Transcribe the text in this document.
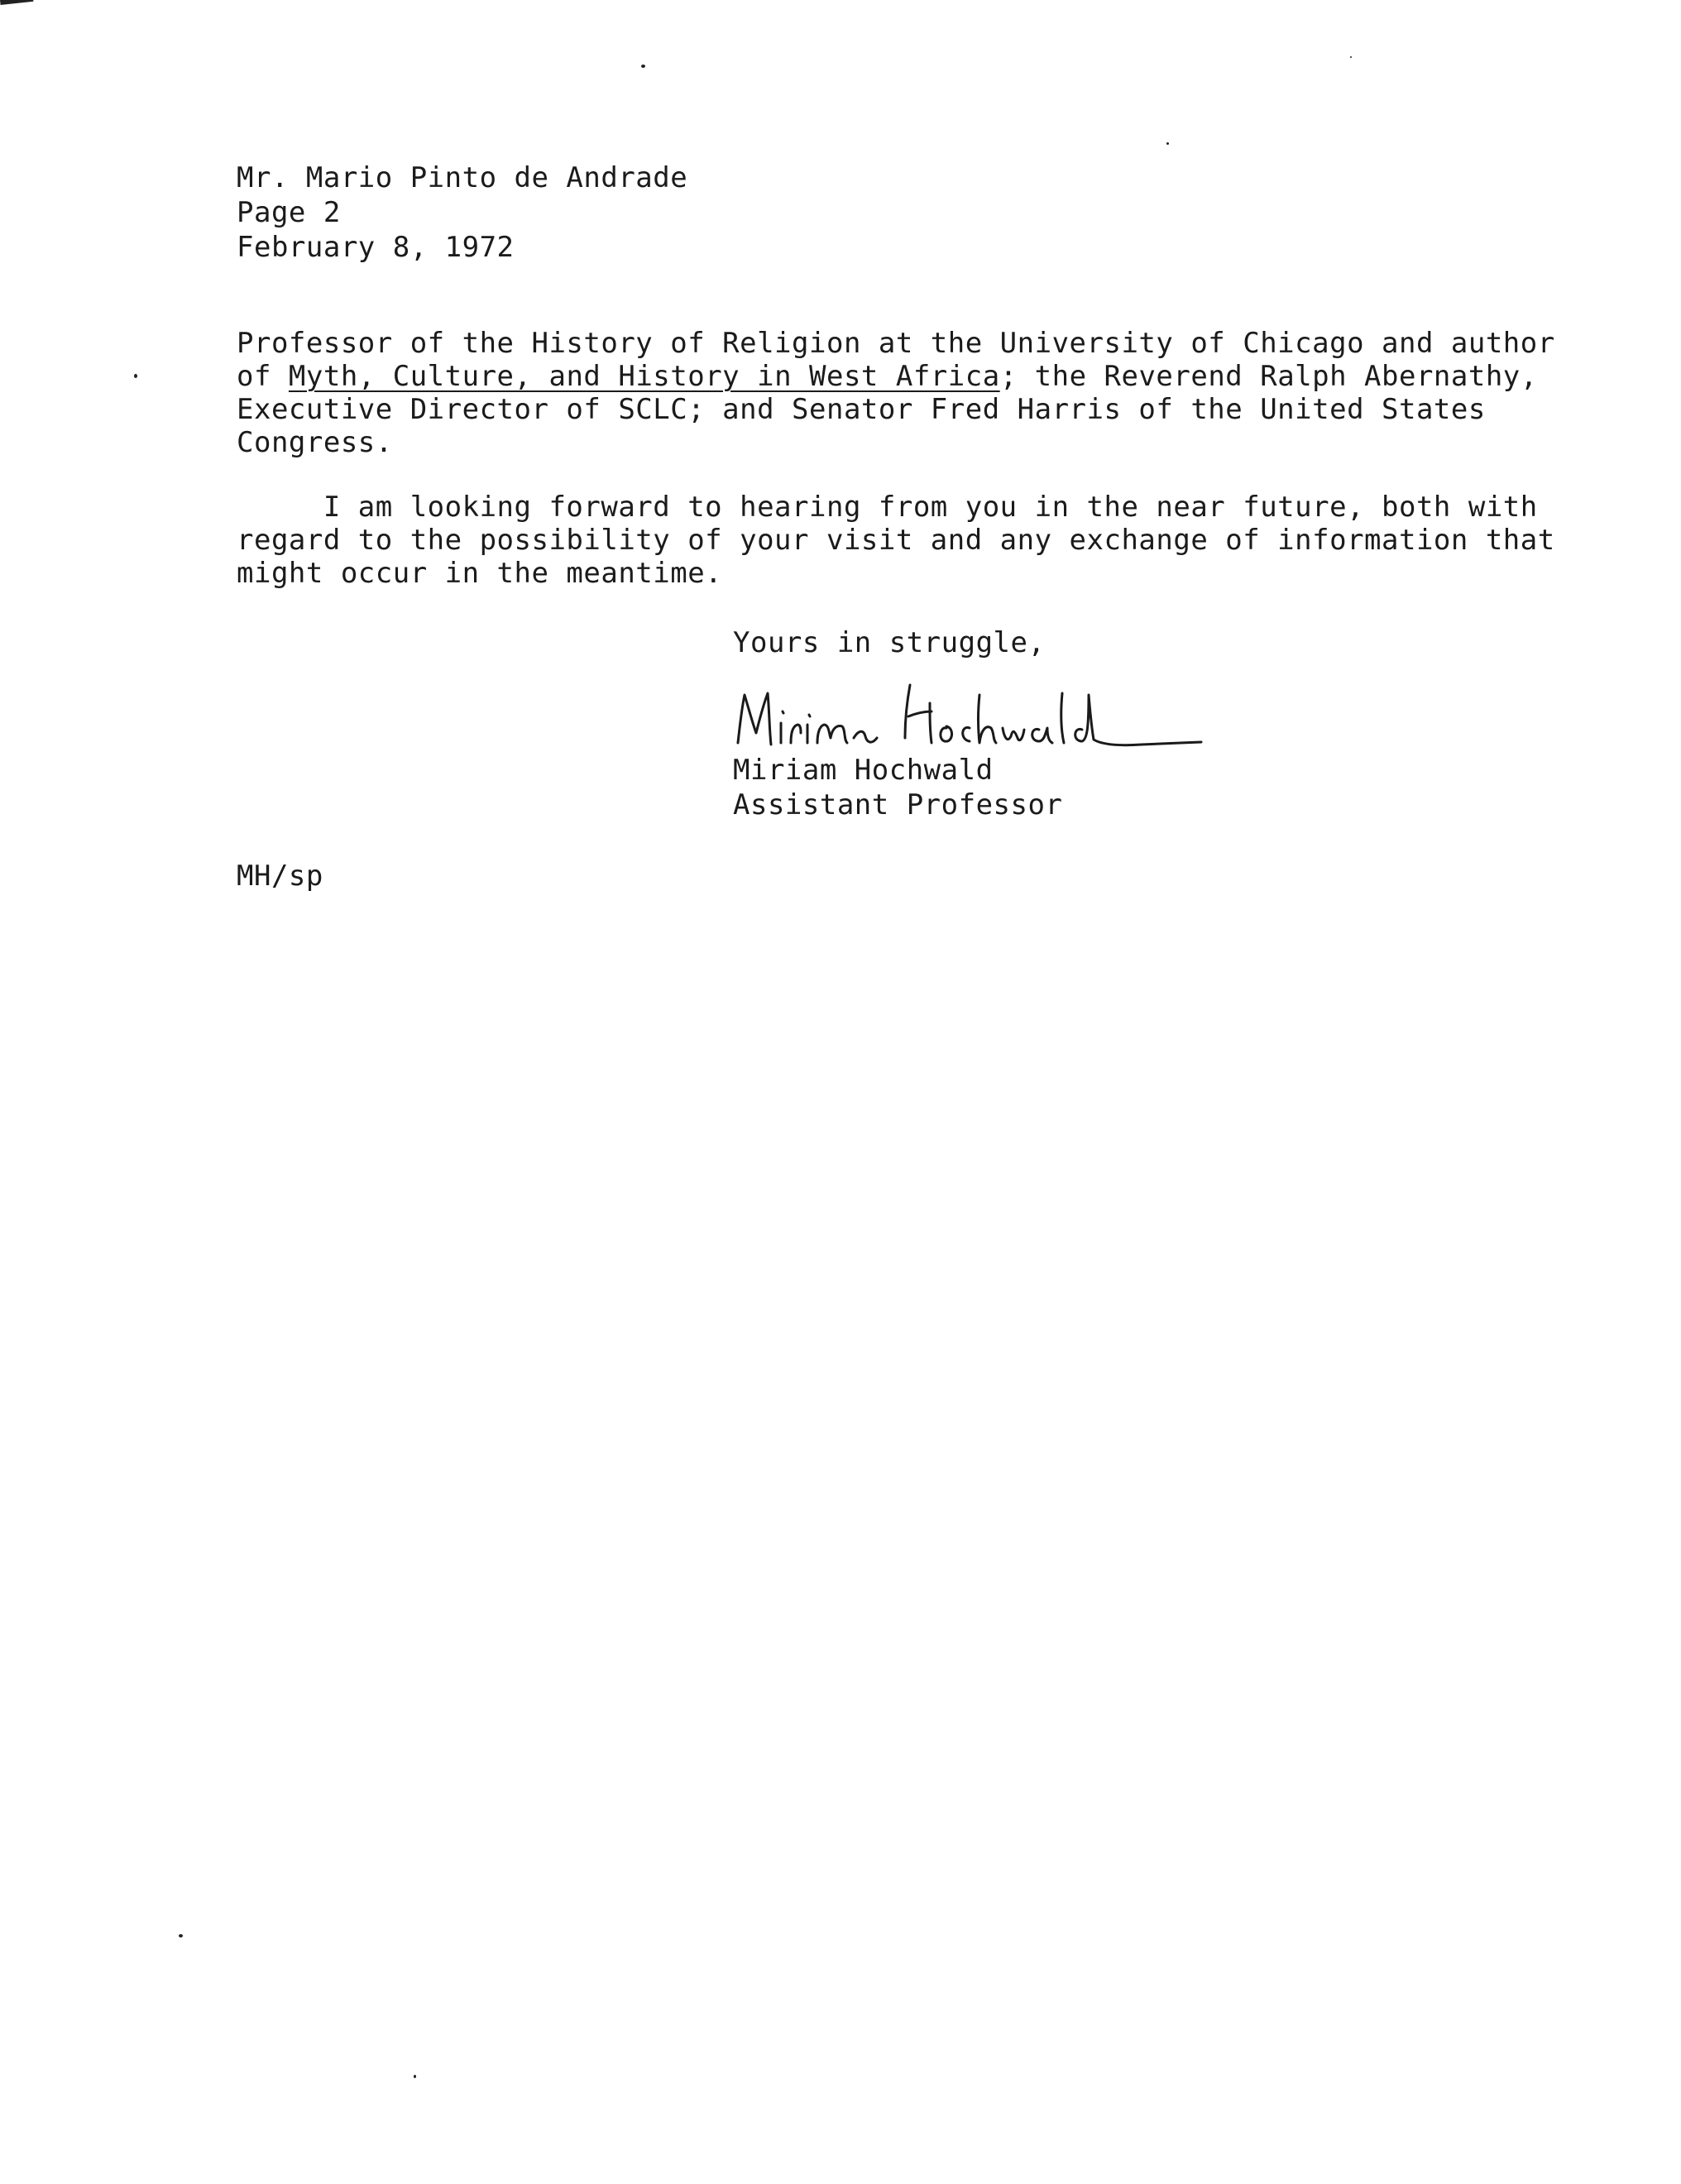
Mr. Mario Pinto de Andrade
Page 2
February 8, 1972
Professor of the History of Religion at the University of Chicago and author
of Myth, Culture, and History in West Africa; the Reverend Ralph Abernathy,
Executive Director of SCLC; and Senator Fred Harris of the United States
Congress.
I am looking forward to hearing from you in the near future, both with
regard to the possibility of your visit and any exchange of information that
might occur in the meantime.
Yours in struggle,
Miriam Hochwald
Assistant Professor
MH/sp
